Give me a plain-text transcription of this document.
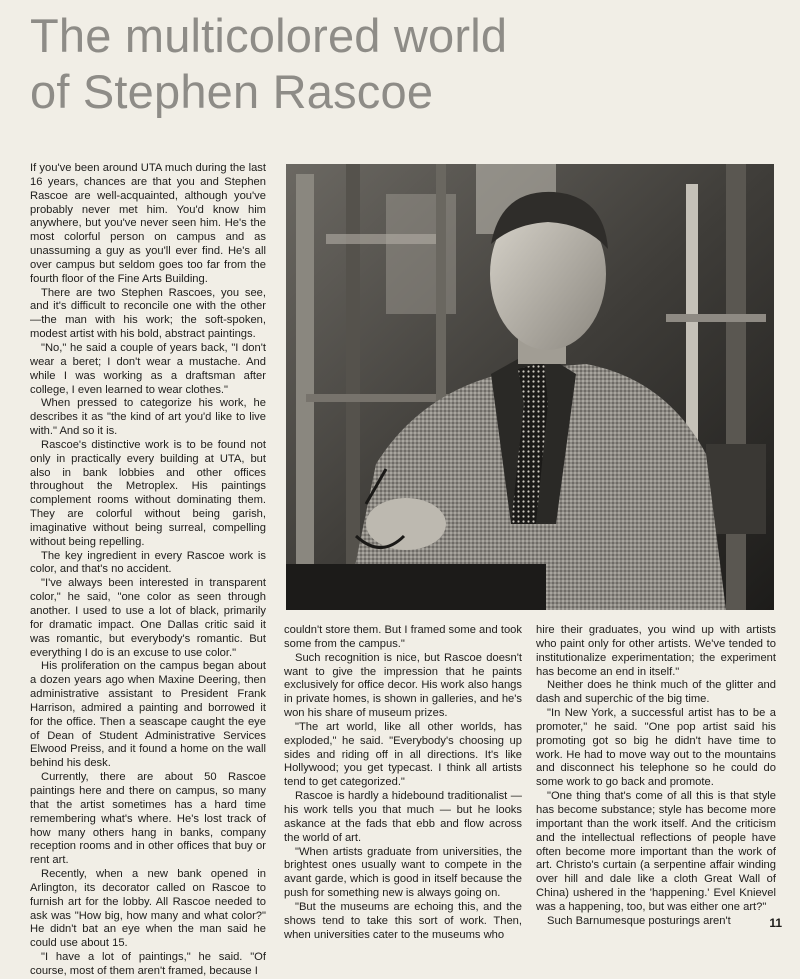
The multicolored world
of Stephen Rascoe

If you've been around UTA much during the last 16 years, chances are that you and Stephen Rascoe are well-acquainted, although you've probably never met him. You'd know him anywhere, but you've never seen him. He's the most colorful person on campus and as unassuming a guy as you'll ever find. He's all over campus but seldom goes too far from the fourth floor of the Fine Arts Building.

There are two Stephen Rascoes, you see, and it's difficult to reconcile one with the other—the man with his work; the soft-spoken, modest artist with his bold, abstract paintings.

"No," he said a couple of years back, "I don't wear a beret; I don't wear a mustache. And while I was working as a draftsman after college, I even learned to wear clothes."

When pressed to categorize his work, he describes it as "the kind of art you'd like to live with." And so it is.

Rascoe's distinctive work is to be found not only in practically every building at UTA, but also in bank lobbies and other offices throughout the Metroplex. His paintings complement rooms without dominating them. They are colorful without being garish, imaginative without being surreal, compelling without being repelling.

The key ingredient in every Rascoe work is color, and that's no accident.

"I've always been interested in transparent color," he said, "one color as seen through another. I used to use a lot of black, primarily for dramatic impact. One Dallas critic said it was romantic, but everybody's romantic. But everything I do is an excuse to use color."

His proliferation on the campus began about a dozen years ago when Maxine Deering, then administrative assistant to President Frank Harrison, admired a painting and borrowed it for the office. Then a seascape caught the eye of Dean of Student Administrative Services Elwood Preiss, and it found a home on the wall behind his desk.

Currently, there are about 50 Rascoe paintings here and there on campus, so many that the artist sometimes has a hard time remembering what's where. He's lost track of how many others hang in banks, company reception rooms and in other offices that buy or rent art.

Recently, when a new bank opened in Arlington, its decorator called on Rascoe to furnish art for the lobby. All Rascoe needed to ask was "How big, how many and what color?" He didn't bat an eye when the man said he could use about 15.

"I have a lot of paintings," he said. "Of course, most of them aren't framed, because I

couldn't store them. But I framed some and took some from the campus."

Such recognition is nice, but Rascoe doesn't want to give the impression that he paints exclusively for office decor. His work also hangs in private homes, is shown in galleries, and he's won his share of museum prizes.

"The art world, like all other worlds, has exploded," he said. "Everybody's choosing up sides and riding off in all directions. It's like Hollywood; you get typecast. I think all artists tend to get categorized."

Rascoe is hardly a hidebound traditionalist —his work tells you that much — but he looks askance at the fads that ebb and flow across the world of art.

"When artists graduate from universities, the brightest ones usually want to compete in the avant garde, which is good in itself because the push for something new is always going on.

"But the museums are echoing this, and the shows tend to take this sort of work. Then, when universities cater to the museums who

hire their graduates, you wind up with artists who paint only for other artists. We've tended to institutionalize experimentation; the experiment has become an end in itself."

Neither does he think much of the glitter and dash and superchic of the big time.

"In New York, a successful artist has to be a promoter," he said. "One pop artist said his promoting got so big he didn't have time to work. He had to move way out to the mountains and disconnect his telephone so he could do some work to go back and promote.

"One thing that's come of all this is that style has become substance; style has become more important than the work itself. And the criticism and the intellectual reflections of people have often become more important than the work of art. Christo's curtain (a serpentine affair winding over hill and dale like a cloth Great Wall of China) ushered in the 'happening.' Evel Knievel was a happening, too, but was either one art?"

Such Barnumesque posturings aren't	11
